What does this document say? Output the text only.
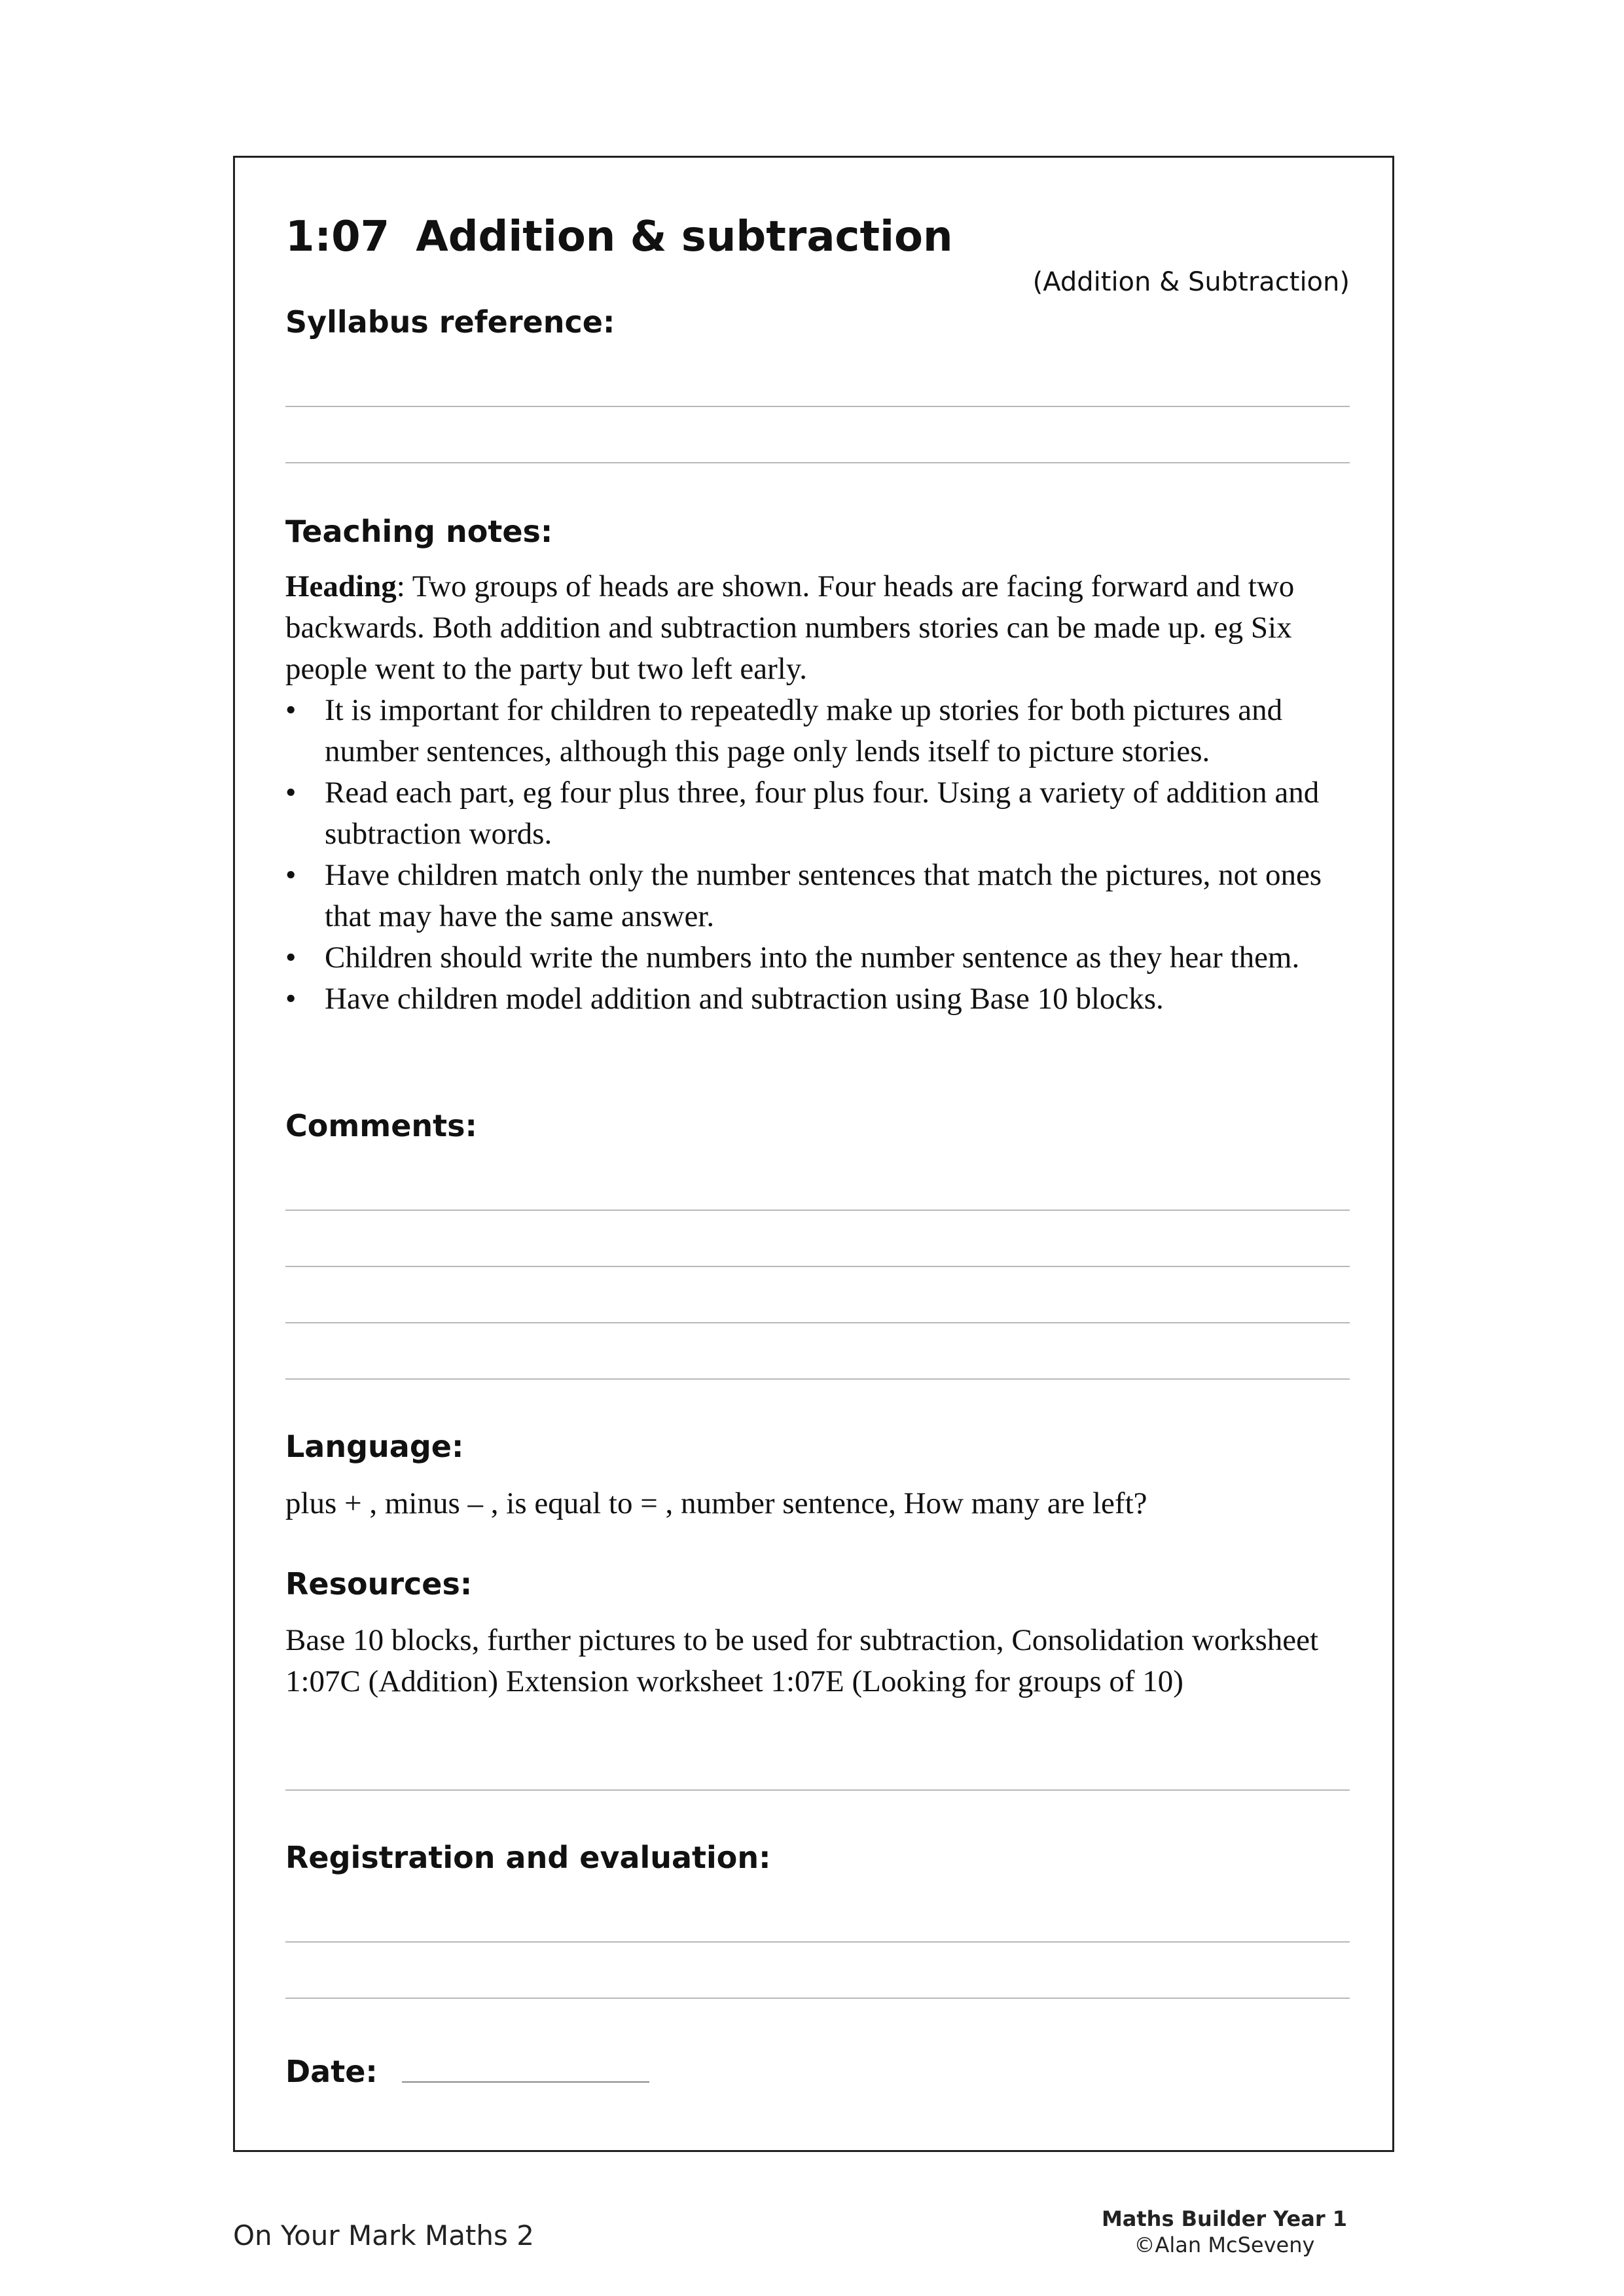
1:07 Addition & subtraction
(Addition & Subtraction)
Syllabus reference:
Teaching notes:
Heading: Two groups of heads are shown. Four heads are facing forward and two backwards. Both addition and subtraction numbers stories can be made up. eg Six people went to the party but two left early.
• It is important for children to repeatedly make up stories for both pictures and number sentences, although this page only lends itself to picture stories.
• Read each part, eg four plus three, four plus four. Using a variety of addition and subtraction words.
• Have children match only the number sentences that match the pictures, not ones that may have the same answer.
• Children should write the numbers into the number sentence as they hear them.
• Have children model addition and subtraction using Base 10 blocks.
Comments:
Language:
plus + , minus – , is equal to = , number sentence, How many are left?
Resources:
Base 10 blocks, further pictures to be used for subtraction, Consolidation worksheet 1:07C (Addition) Extension worksheet 1:07E (Looking for groups of 10)
Registration and evaluation:
Date:
On Your Mark Maths 2
Maths Builder Year 1
©Alan McSeveny
